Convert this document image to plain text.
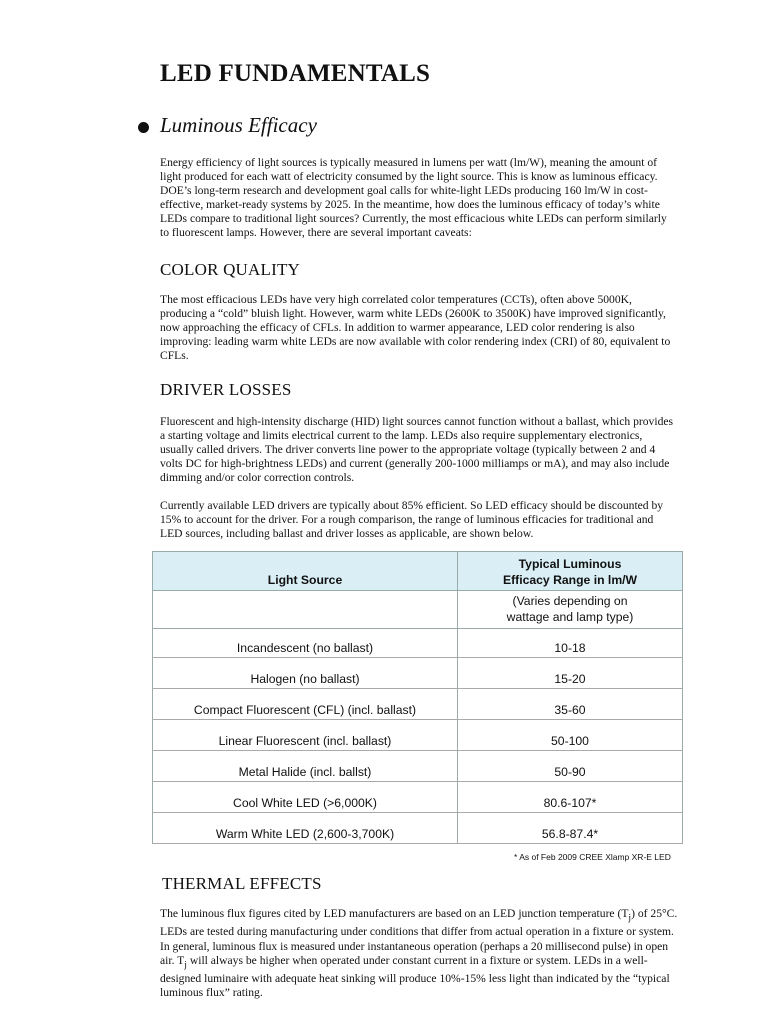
LED FUNDAMENTALS
Luminous Efficacy

Energy efficiency of light sources is typically measured in lumens per watt (lm/W), meaning the amount of light produced for each watt of electricity consumed by the light source. This is know as luminous efficacy. DOE’s long-term research and development goal calls for white-light LEDs producing 160 lm/W in cost-effective, market-ready systems by 2025. In the meantime, how does the luminous efficacy of today’s white LEDs compare to traditional light sources? Currently, the most efficacious white LEDs can perform similarly to fluorescent lamps. However, there are several important caveats:

COLOR QUALITY

The most efficacious LEDs have very high correlated color temperatures (CCTs), often above 5000K, producing a “cold” bluish light. However, warm white LEDs (2600K to 3500K) have improved significantly, now approaching the efficacy of CFLs. In addition to warmer appearance, LED color rendering is also improving: leading warm white LEDs are now available with color rendering index (CRI) of 80, equivalent to CFLs.

DRIVER LOSSES

Fluorescent and high-intensity discharge (HID) light sources cannot function without a ballast, which provides a starting voltage and limits electrical current to the lamp. LEDs also require supplementary electronics, usually called drivers. The driver converts line power to the appropriate voltage (typically between 2 and 4 volts DC for high-brightness LEDs) and current (generally 200-1000 milliamps or mA), and may also include dimming and/or color correction controls.

Currently available LED drivers are typically about 85% efficient. So LED efficacy should be discounted by 15% to account for the driver. For a rough comparison, the range of luminous efficacies for traditional and LED sources, including ballast and driver losses as applicable, are shown below.

Light Source	Typical Luminous
Efficacy Range in lm/W
	(Varies depending on
wattage and lamp type)
Incandescent (no ballast)	10-18
Halogen (no ballast)	15-20
Compact Fluorescent (CFL) (incl. ballast)	35-60
Linear Fluorescent (incl. ballast)	50-100
Metal Halide (incl. ballst)	50-90
Cool White LED (>6,000K)	80.6-107*
Warm White LED (2,600-3,700K)	56.8-87.4*
* As of Feb 2009 CREE Xlamp XR-E LED
THERMAL EFFECTS

The luminous flux figures cited by LED manufacturers are based on an LED junction temperature $(T_j)$ of 25°C. LEDs are tested during manufacturing under conditions that differ from actual operation in a fixture or system. In general, luminous flux is measured under instantaneous operation (perhaps a 20 millisecond pulse) in open air. $T_j$ will always be higher when operated under constant current in a fixture or system. LEDs in a well-designed luminaire with adequate heat sinking will produce 10%-15% less light than indicated by the “typical luminous flux” rating.
